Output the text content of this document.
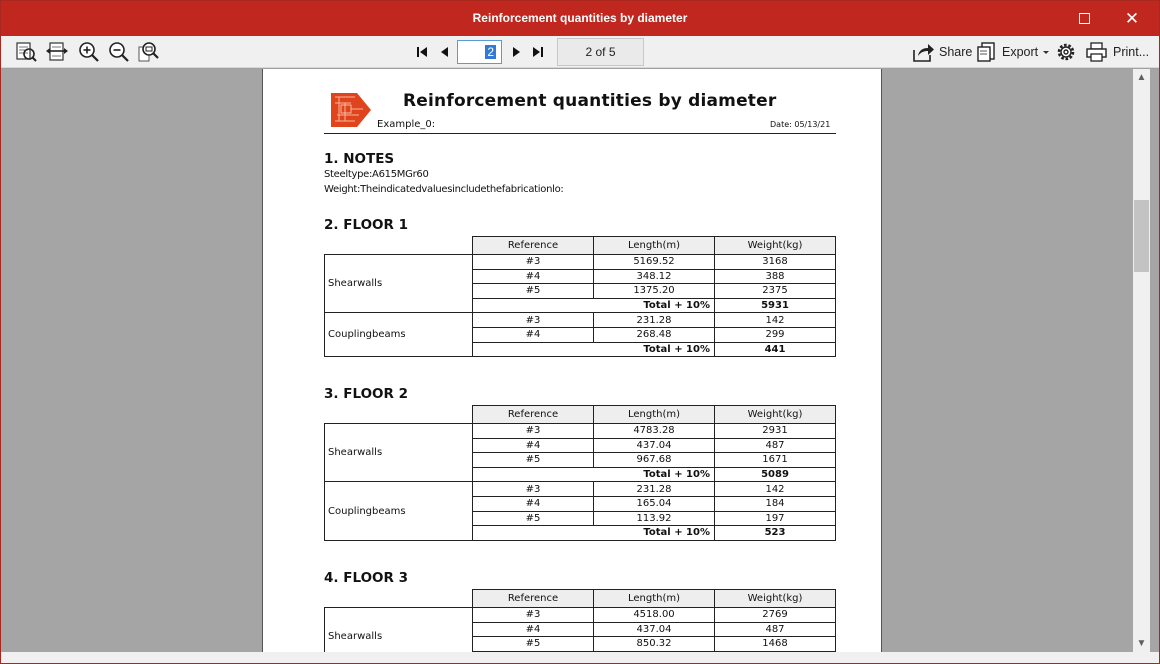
Reinforcement quantities by diameter	✕
2	2 of 5	Share Export	Print...
Reinforcement quantities by diameter
Example_0:	Date: 05/13/21
1. NOTES
Steeltype:A615MGr60
Weight:Theindicatedvaluesincludethefabricationlo:
2. FLOOR 1
	Reference	Length(m)	Weight(kg)
Shearwalls	#3	5169.52	3168
	#4	348.12	388
	#5	1375.20	2375
	Total + 10%		5931
Couplingbeams	#3	231.28	142
	#4	268.48	299
	Total + 10%		441
3. FLOOR 2
	Reference	Length(m)	Weight(kg)
Shearwalls	#3	4783.28	2931
	#4	437.04	487
	#5	967.68	1671
	Total + 10%		5089
Couplingbeams	#3	231.28	142
	#4	165.04	184
	#5	113.92	197
	Total + 10%		523
4. FLOOR 3
	Reference	Length(m)	Weight(kg)
Shearwalls	#3	4518.00	2769
	#4	437.04	487
	#5	850.32	1468

▲
▼
